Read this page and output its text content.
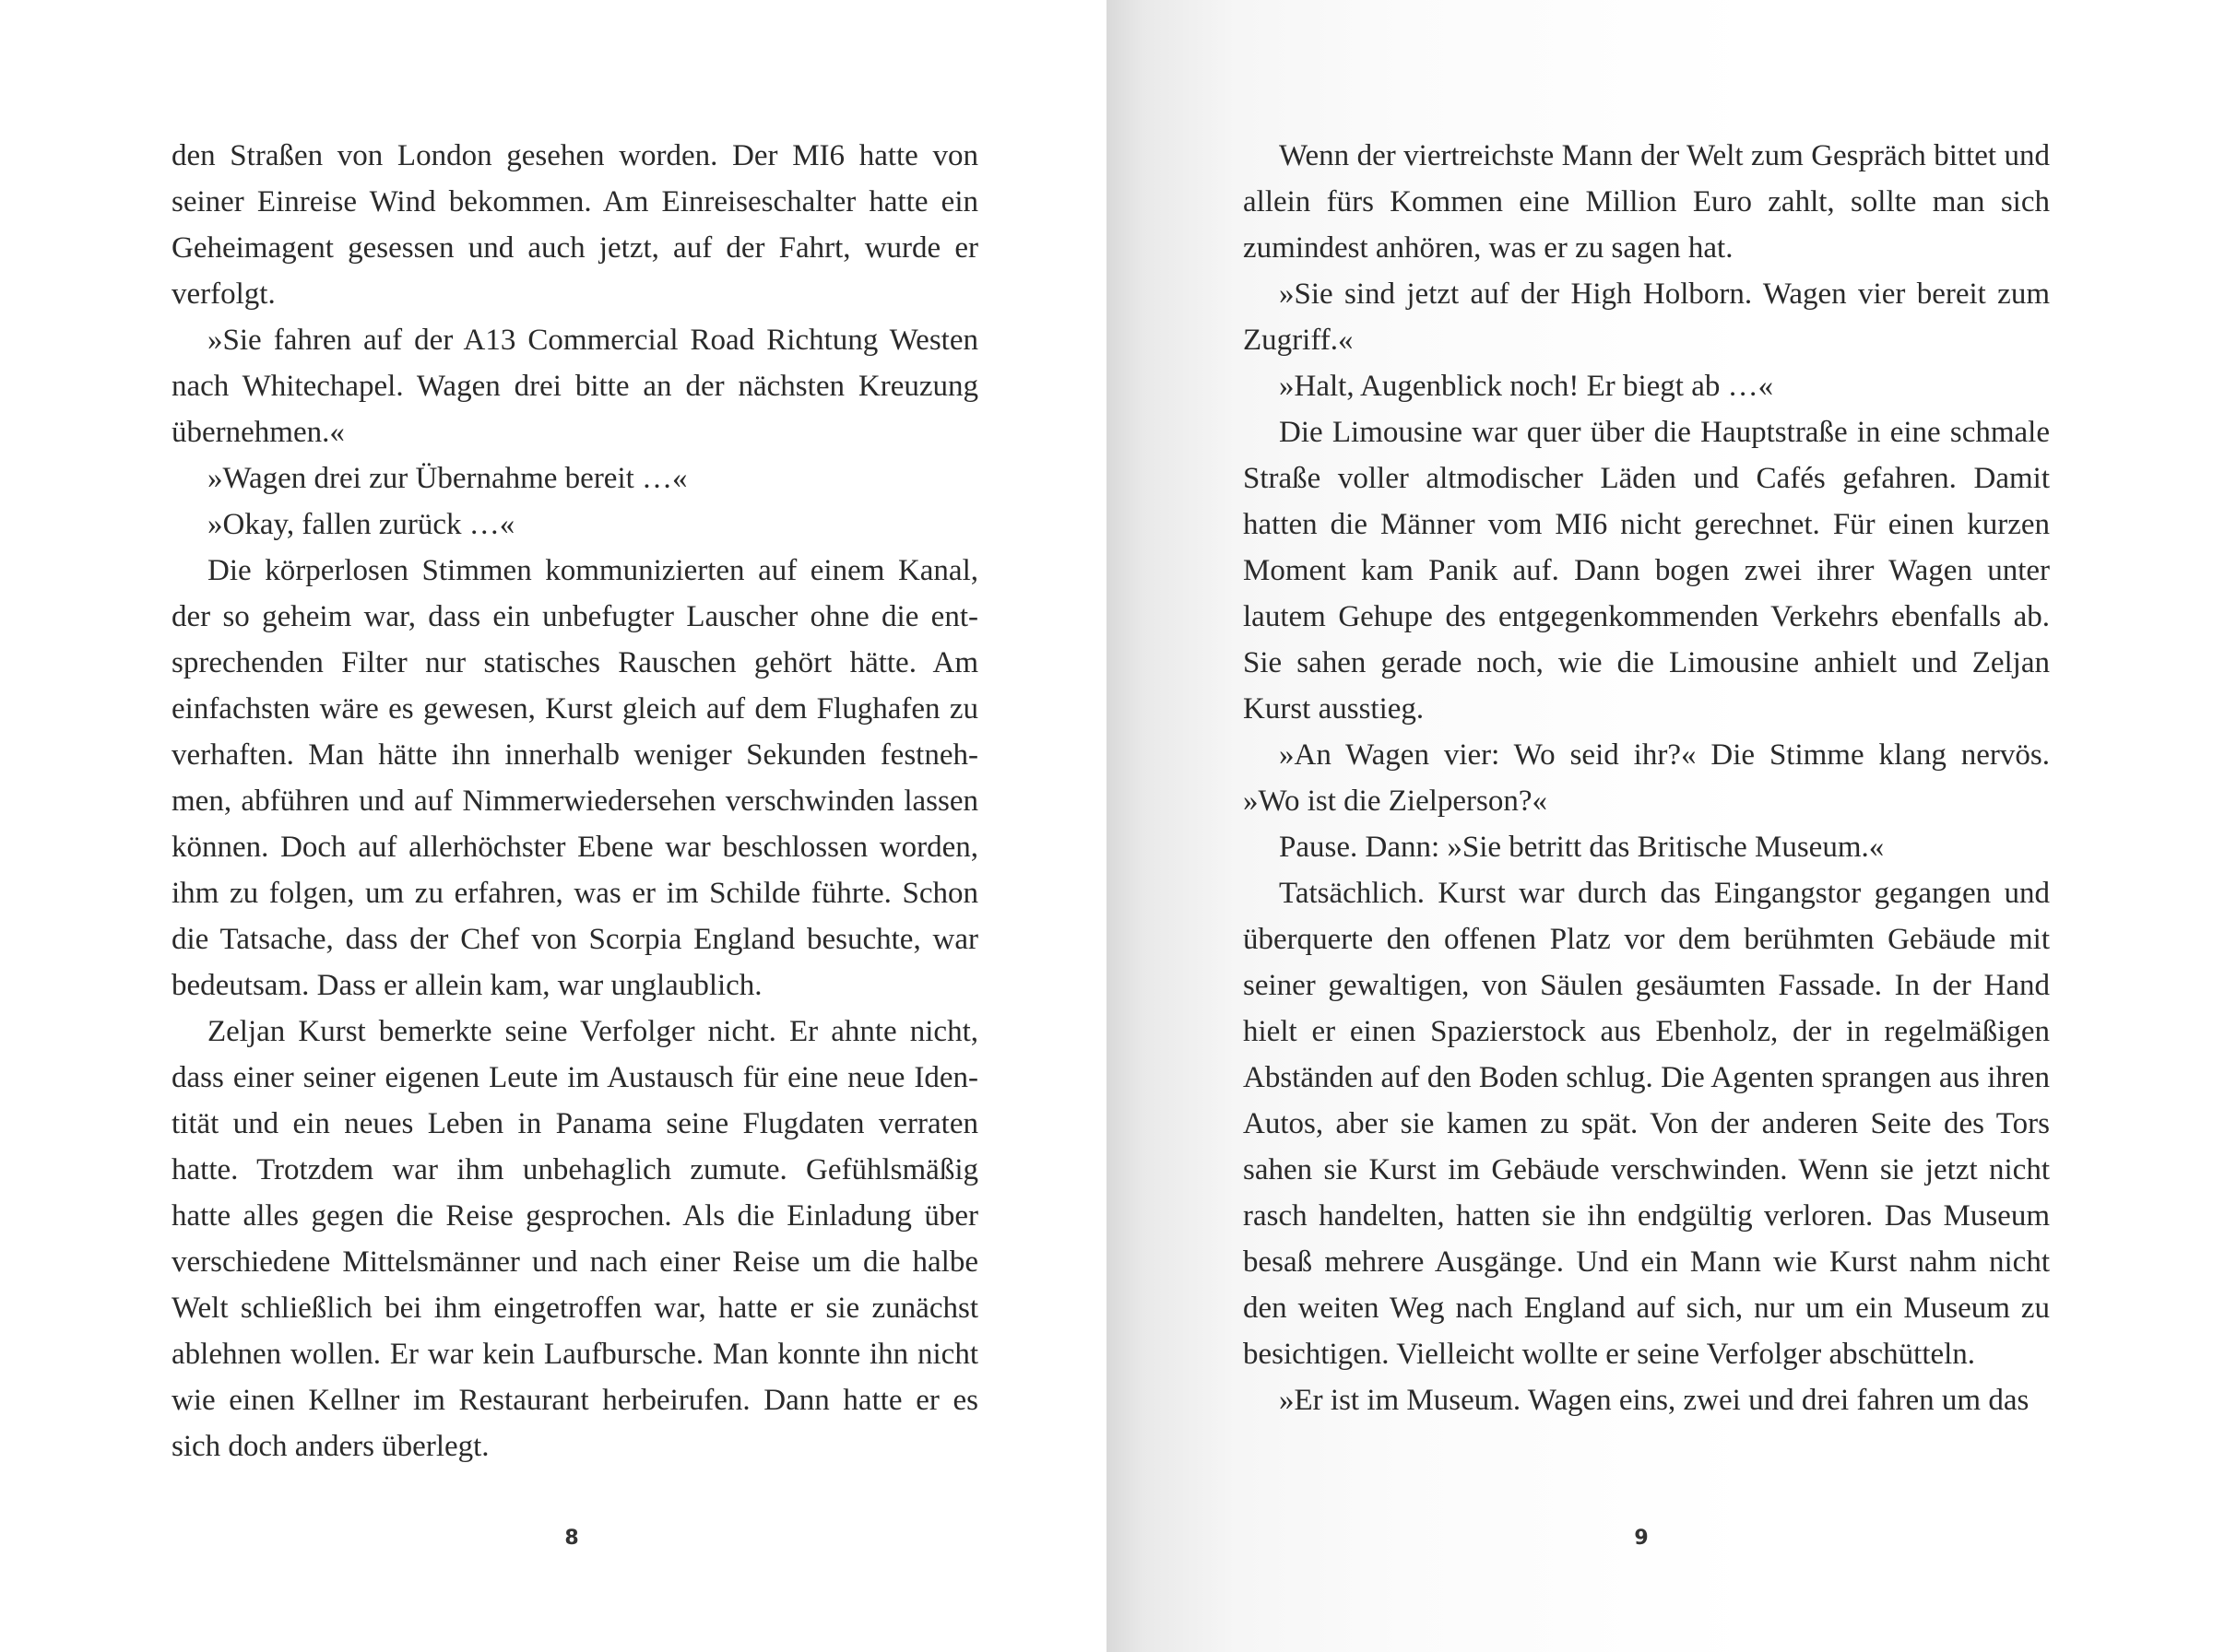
den Straßen von London gesehen worden. Der MI6 hatte von seiner Einreise Wind bekommen. Am Einreiseschalter hatte ein Geheimagent gesessen und auch jetzt, auf der Fahrt, wurde er verfolgt.

»Sie fahren auf der A13 Commercial Road Richtung Westen nach Whitechapel. Wagen drei bitte an der nächsten Kreuzung übernehmen.«

»Wagen drei zur Übernahme bereit …«

»Okay, fallen zurück …«

Die körperlosen Stimmen kommunizierten auf einem Kanal, der so geheim war, dass ein unbefugter Lauscher ohne die entsprechenden Filter nur statisches Rauschen gehört hätte. Am einfachsten wäre es gewesen, Kurst gleich auf dem Flughafen zu verhaften. Man hätte ihn innerhalb weniger Sekunden festnehmen, abführen und auf Nimmerwiedersehen verschwinden lassen können. Doch auf allerhöchster Ebene war beschlossen worden, ihm zu folgen, um zu erfahren, was er im Schilde führte. Schon die Tatsache, dass der Chef von Scorpia England besuchte, war bedeutsam. Dass er allein kam, war unglaublich.

Zeljan Kurst bemerkte seine Verfolger nicht. Er ahnte nicht, dass einer seiner eigenen Leute im Austausch für eine neue Identität und ein neues Leben in Panama seine Flugdaten verraten hatte. Trotzdem war ihm unbehaglich zumute. Gefühlsmäßig hatte alles gegen die Reise gesprochen. Als die Einladung über verschiedene Mittelsmänner und nach einer Reise um die halbe Welt schließlich bei ihm eingetroffen war, hatte er sie zunächst ablehnen wollen. Er war kein Laufbursche. Man konnte ihn nicht wie einen Kellner im Restaurant herbeirufen. Dann hatte er es sich doch anders überlegt.

8

Wenn der viertreichste Mann der Welt zum Gespräch bittet und allein fürs Kommen eine Million Euro zahlt, sollte man sich zumindest anhören, was er zu sagen hat.

»Sie sind jetzt auf der High Holborn. Wagen vier bereit zum Zugriff.«

»Halt, Augenblick noch! Er biegt ab …«

Die Limousine war quer über die Hauptstraße in eine schmale Straße voller altmodischer Läden und Cafés gefahren. Damit hatten die Männer vom MI6 nicht gerechnet. Für einen kurzen Moment kam Panik auf. Dann bogen zwei ihrer Wagen unter lautem Gehupe des entgegenkommenden Verkehrs ebenfalls ab. Sie sahen gerade noch, wie die Limousine anhielt und Zeljan Kurst ausstieg.

»An Wagen vier: Wo seid ihr?« Die Stimme klang nervös. »Wo ist die Zielperson?«

Pause. Dann: »Sie betritt das Britische Museum.«

Tatsächlich. Kurst war durch das Eingangstor gegangen und überquerte den offenen Platz vor dem berühmten Gebäude mit seiner gewaltigen, von Säulen gesäumten Fassade. In der Hand hielt er einen Spazierstock aus Ebenholz, der in regelmäßigen Abständen auf den Boden schlug. Die Agenten sprangen aus ihren Autos, aber sie kamen zu spät. Von der anderen Seite des Tors sahen sie Kurst im Gebäude verschwinden. Wenn sie jetzt nicht rasch handelten, hatten sie ihn endgültig verloren. Das Museum besaß mehrere Ausgänge. Und ein Mann wie Kurst nahm nicht den weiten Weg nach England auf sich, nur um ein Museum zu besichtigen. Vielleicht wollte er seine Verfolger abschütteln.

»Er ist im Museum. Wagen eins, zwei und drei fahren um das

9
